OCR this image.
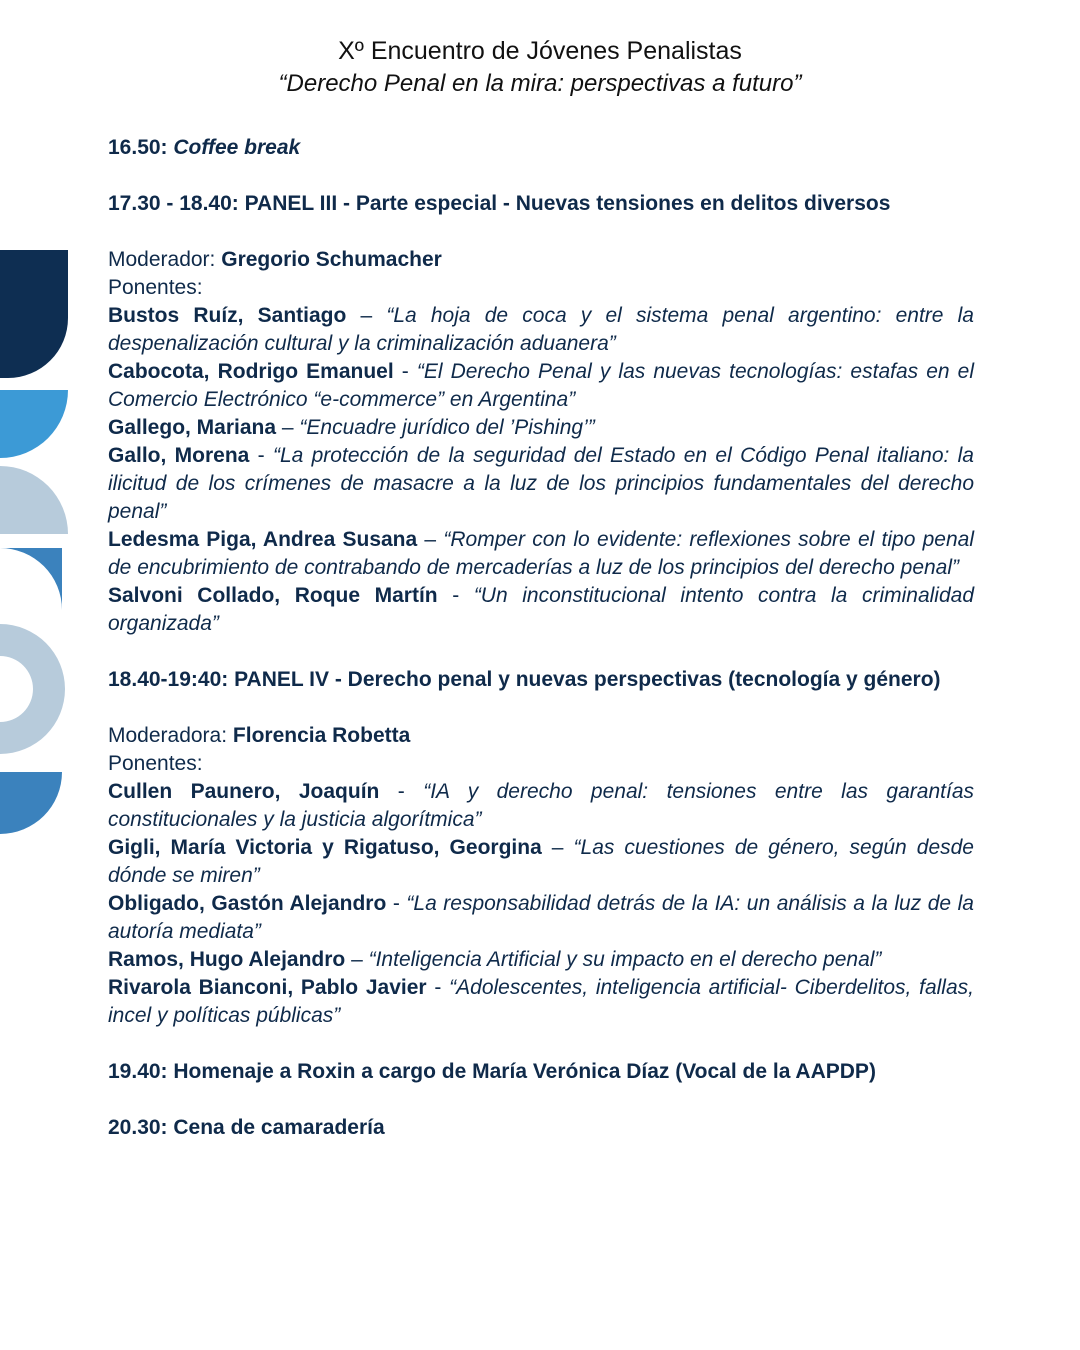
Xº Encuentro de Jóvenes Penalistas
“Derecho Penal en la mira: perspectivas a futuro”

16.50: Coffee break

17.30 - 18.40: PANEL III - Parte especial - Nuevas tensiones en delitos diversos

Moderador: Gregorio Schumacher

Ponentes:

Bustos Ruíz, Santiago – “La hoja de coca y el sistema penal argentino: entre la despenalización cultural y la criminalización aduanera”

Cabocota, Rodrigo Emanuel - “El Derecho Penal y las nuevas tecnologías: estafas en el Comercio Electrónico “e-commerce” en Argentina”

Gallego, Mariana – “Encuadre jurídico del ’Pishing’”

Gallo, Morena - “La protección de la seguridad del Estado en el Código Penal italiano: la ilicitud de los crímenes de masacre a la luz de los principios fundamentales del derecho penal”

Ledesma Piga, Andrea Susana – “Romper con lo evidente: reflexiones sobre el tipo penal de encubrimiento de contrabando de mercaderías a luz de los principios del derecho penal”

Salvoni Collado, Roque Martín - “Un inconstitucional intento contra la criminalidad organizada”

18.40-19:40: PANEL IV - Derecho penal y nuevas perspectivas (tecnología y género)

Moderadora: Florencia Robetta

Ponentes:

Cullen Paunero, Joaquín - “IA y derecho penal: tensiones entre las garantías constitucionales y la justicia algorítmica”

Gigli, María Victoria y Rigatuso, Georgina – “Las cuestiones de género, según desde dónde se miren”

Obligado, Gastón Alejandro - “La responsabilidad detrás de la IA: un análisis a la luz de la autoría mediata”

Ramos, Hugo Alejandro – “Inteligencia Artificial y su impacto en el derecho penal”

Rivarola Bianconi, Pablo Javier - “Adolescentes, inteligencia artificial- Ciberdelitos, fallas, incel y políticas públicas”

19.40: Homenaje a Roxin a cargo de María Verónica Díaz (Vocal de la AAPDP)

20.30: Cena de camaradería
